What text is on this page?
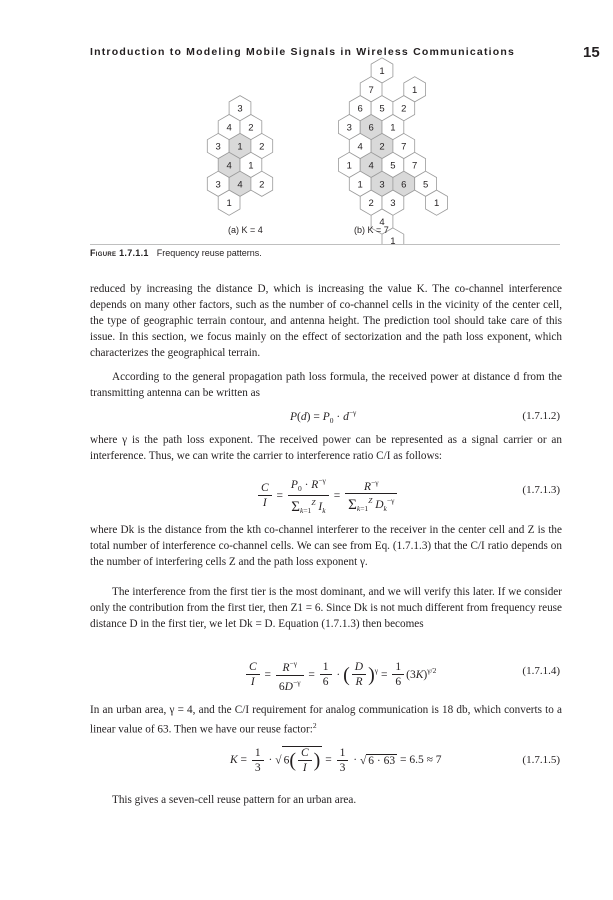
Introduction to Modeling Mobile Signals in Wireless Communications	15
3
4 2
3 1 2
4 1
3 4 2
1
1
7	1
6 5 2
3 6 1
4 2 7
1 4 5 7
1 3 6 5
2 3	1
4
1
(a) K = 4	(b) K = 7
Figure 1.7.1.1 Frequency reuse patterns.
reduced by increasing the distance D, which is increasing the value K. The co-channel interference depends on many other factors, such as the number of co-channel cells in the vicinity of the center cell, the type of geographic terrain contour, and antenna height. The prediction tool should take care of this issue. In this section, we focus mainly on the effect of sectorization and the path loss exponent, which characterizes the geographical terrain.
According to the general propagation path loss formula, the received power at distance d from the transmitting antenna can be written as
$P(d) = P_0 \cdot d^{-\gamma}$	(1.7.1.2)
where γ is the path loss exponent. The received power can be represented as a signal carrier or an interference. Thus, we can write the carrier to interference ratio C/I as follows:
$\frac{C}{I} = \frac{P_0 \cdot R^{-\gamma}}{\Sigma_{k=1}^Z I_k} = \frac{R^{-\gamma}}{\Sigma_{k=1}^Z D_k^{-\gamma}}$	(1.7.1.3)
where Dk is the distance from the kth co-channel interferer to the receiver in the center cell and Z is the total number of interference co-channel cells. We can see from Eq. (1.7.1.3) that the C/I ratio depends on the number of interfering cells Z and the path loss exponent γ.
The interference from the first tier is the most dominant, and we will verify this later. If we consider only the contribution from the first tier, then Z1 = 6. Since Dk is not much different from frequency reuse distance D in the first tier, we let Dk = D. Equation (1.7.1.3) then becomes
$\frac{C}{I} = \frac{R^{-\gamma}}{6D^{-\gamma}} = \frac{1}{6}$ · ( $\frac{D}{R} )^\gamma = \frac{1}{6} (3K)^{\gamma/2}$	(1.7.1.4)
In an urban area, γ = 4, and the C/I requirement for analog communication is 18 db, which converts to a linear value of 63. Then we have our reuse factor:$^2$
$K = \frac{1}{3}$ · √ $6( \frac{C}{I}$ ) = $\frac{1}{3}$ · √ 6 · 63 = 6.5 ≈ 7	(1.7.1.5)
This gives a seven-cell reuse pattern for an urban area.
